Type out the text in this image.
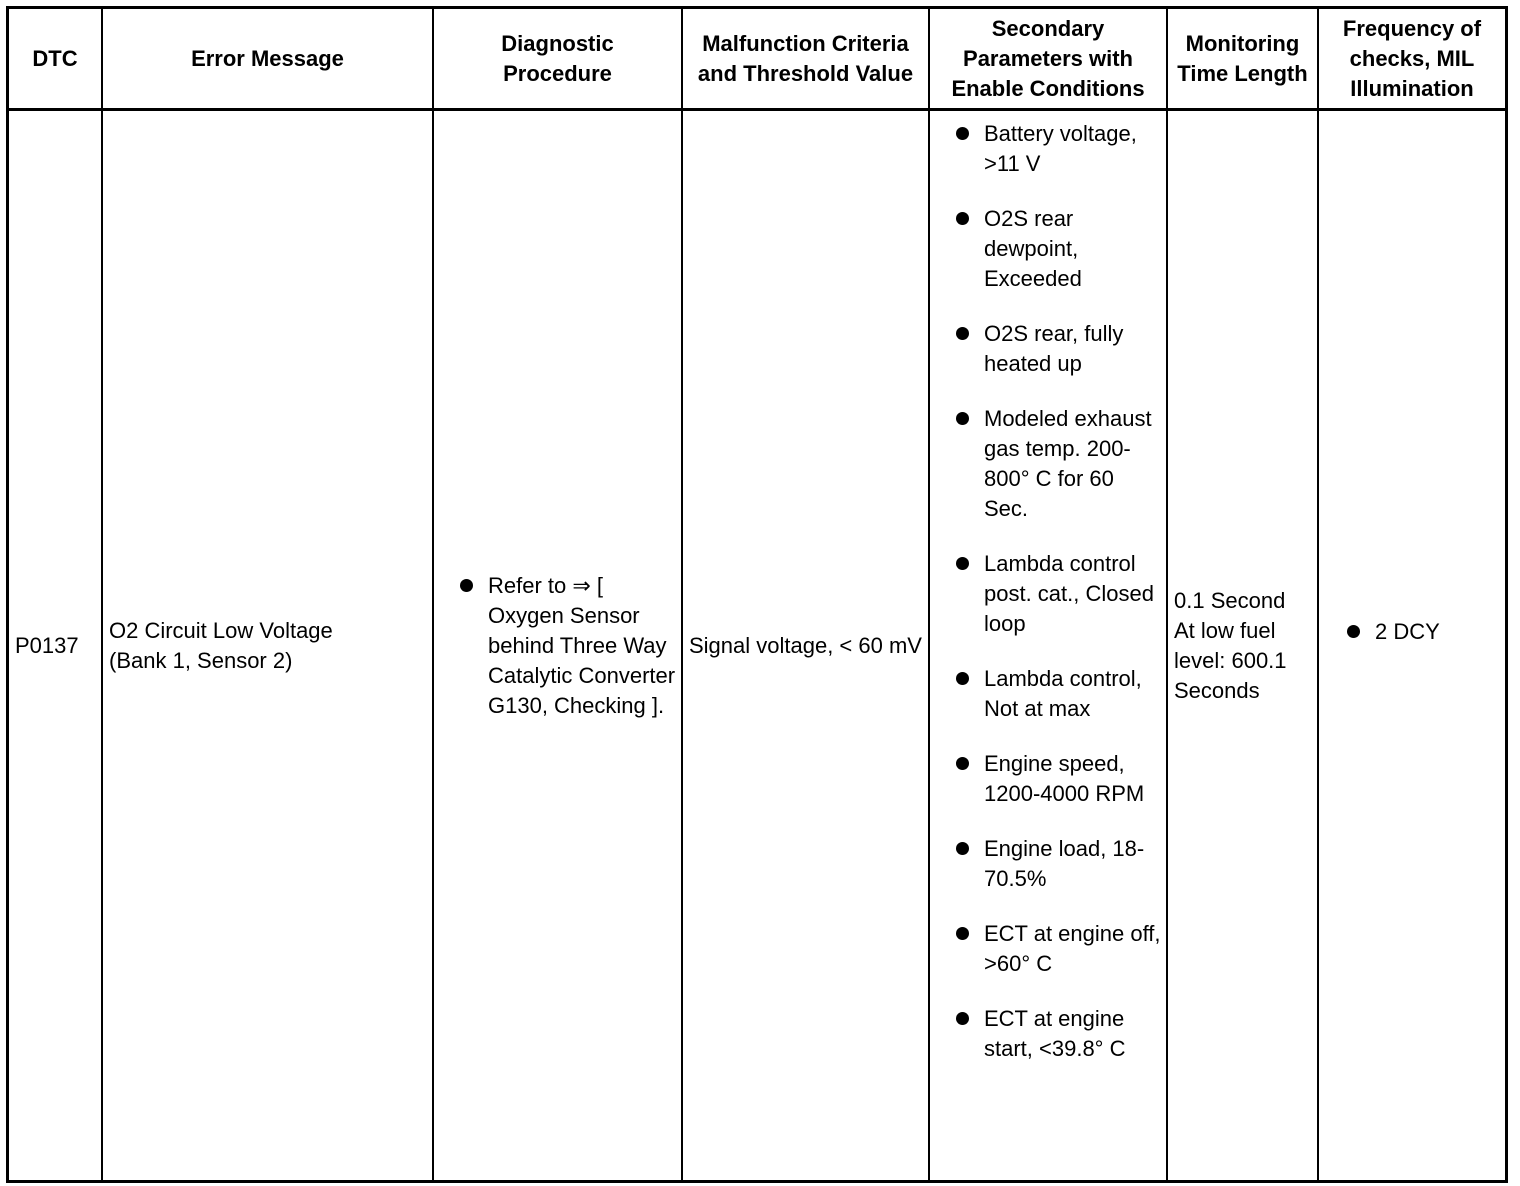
DTC	Error Message
Diagnostic Procedure
Malfunction Criteria and Threshold Value
Secondary Parameters with Enable Conditions
Monitoring Time Length
Frequency of checks, MIL Illumination
P0137
O2 Circuit Low Voltage (Bank 1, Sensor 2)
Refer to ⇒ [ Oxygen Sensor behind Three Way Catalytic Converter G130, Checking ].
Signal voltage, < 60 mV
Battery voltage, >11 V
O2S rear dewpoint, Exceeded
O2S rear, fully heated up
Modeled exhaust gas temp. 200-800° C for 60 Sec.
Lambda control post. cat., Closed loop
Lambda control, Not at max
Engine speed, 1200-4000 RPM
Engine load, 18-70.5%
ECT at engine off, >60° C
ECT at engine start, <39.8° C
0.1 Second
At low fuel level: 600.1 Seconds
2 DCY
